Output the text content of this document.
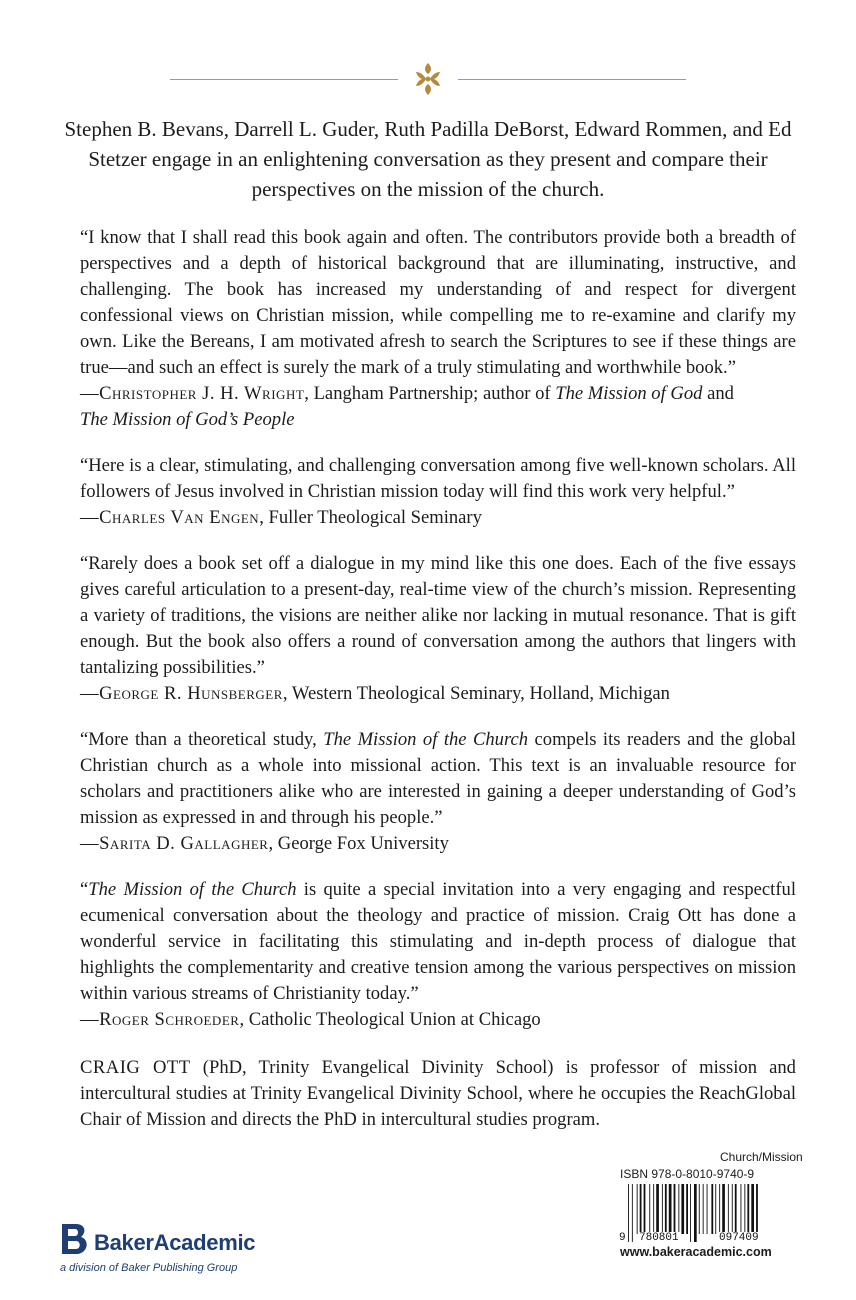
Stephen B. Bevans, Darrell L. Guder, Ruth Padilla DeBorst, Edward Rommen, and Ed Stetzer engage in an enlightening conversation as they present and compare their perspectives on the mission of the church.

“I know that I shall read this book again and often. The contributors provide both a breadth of perspectives and a depth of historical background that are illuminating, instructive, and challenging. The book has increased my understanding of and respect for divergent confessional views on Christian mission, while compelling me to re-examine and clarify my own. Like the Bereans, I am motivated afresh to search the Scriptures to see if these things are true—and such an effect is surely the mark of a truly stimulating and worthwhile book.”

—Christopher J. H. Wright, Langham Partnership; author of The Mission of God and
The Mission of God’s People

“Here is a clear, stimulating, and challenging conversation among five well-known scholars. All followers of Jesus involved in Christian mission today will find this work very helpful.”

—Charles Van Engen, Fuller Theological Seminary

“Rarely does a book set off a dialogue in my mind like this one does. Each of the five essays gives careful articulation to a present-day, real-time view of the church’s mission. Representing a variety of traditions, the visions are neither alike nor lacking in mutual resonance. That is gift enough. But the book also offers a round of conversation among the authors that lingers with tantalizing possibilities.”

—George R. Hunsberger, Western Theological Seminary, Holland, Michigan

“More than a theoretical study, The Mission of the Church compels its readers and the global Christian church as a whole into missional action. This text is an invaluable resource for scholars and practitioners alike who are interested in gaining a deeper understanding of God’s mission as expressed in and through his people.”

—Sarita D. Gallagher, George Fox University

“The Mission of the Church is quite a special invitation into a very engaging and respectful ecumenical conversation about the theology and practice of mission. Craig Ott has done a wonderful service in facilitating this stimulating and in-depth process of dialogue that highlights the complementarity and creative tension among the various perspectives on mission within various streams of Christianity today.”

—Roger Schroeder, Catholic Theological Union at Chicago
CRAIG OTT (PhD, Trinity Evangelical Divinity School) is professor of mission and intercultural studies at Trinity Evangelical Divinity School, where he occupies the ReachGlobal Chair of Mission and directs the PhD in intercultural studies program.
Church/Mission
ISBN 978-0-8010-9740-9
9 780801	097409
www.bakeracademic.com
BakerAcademic
a division of Baker Publishing Group
